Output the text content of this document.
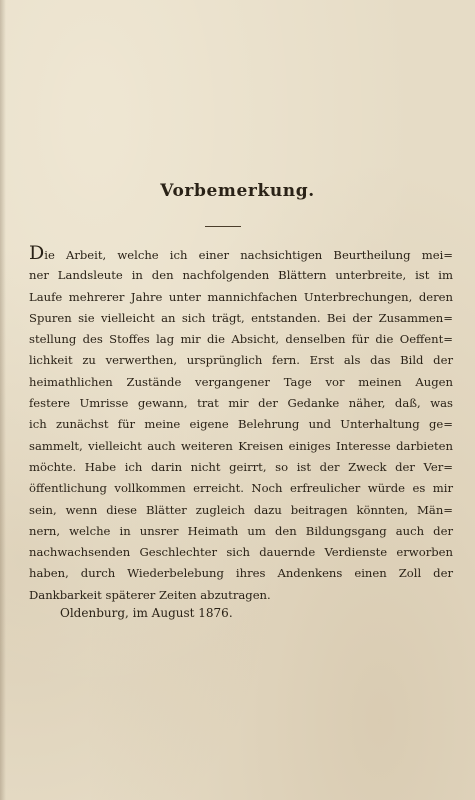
Vorbemerkung.
Die Arbeit, welche ich einer nachsichtigen Beurtheilung mei=
ner Landsleute in den nachfolgenden Blättern unterbreite, ist im
Laufe mehrerer Jahre unter mannichfachen Unterbrechungen, deren
Spuren sie vielleicht an sich trägt, entstanden. Bei der Zusammen=
stellung des Stoffes lag mir die Absicht, denselben für die Oeffent=
lichkeit zu verwerthen, ursprünglich fern. Erst als das Bild der
heimathlichen Zustände vergangener Tage vor meinen Augen
festere Umrisse gewann, trat mir der Gedanke näher, daß, was
ich zunächst für meine eigene Belehrung und Unterhaltung ge=
sammelt, vielleicht auch weiteren Kreisen einiges Interesse darbieten
möchte. Habe ich darin nicht geirrt, so ist der Zweck der Ver=
öffentlichung vollkommen erreicht. Noch erfreulicher würde es mir
sein, wenn diese Blätter zugleich dazu beitragen könnten, Män=
nern, welche in unsrer Heimath um den Bildungsgang auch der
nachwachsenden Geschlechter sich dauernde Verdienste erworben
haben, durch Wiederbelebung ihres Andenkens einen Zoll der
Dankbarkeit späterer Zeiten abzutragen.
Oldenburg, im August 1876.
